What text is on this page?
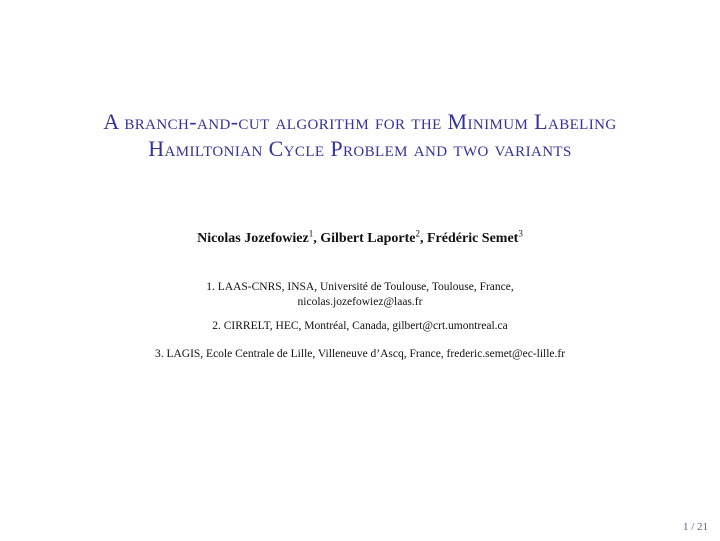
A branch-and-cut algorithm for the Minimum Labeling Hamiltonian Cycle Problem and two variants
Nicolas Jozefowiez$^1$, Gilbert Laporte$^2$, Frédéric Semet$^3$
1. LAAS-CNRS, INSA, Université de Toulouse, Toulouse, France,
nicolas.jozefowiez@laas.fr
2. CIRRELT, HEC, Montréal, Canada, gilbert@crt.umontreal.ca
3. LAGIS, Ecole Centrale de Lille, Villeneuve d’Ascq, France, frederic.semet@ec-lille.fr
1 / 21
